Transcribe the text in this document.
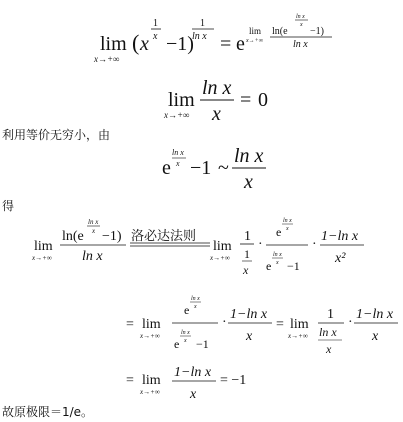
lim
x→+∞
( x
1
x −1)
1
ln x = e
lim
x→+∞
ln(e
ln x
x
−1)
ln x
lim
x→+∞
ln x
x
= 0
利用等价无穷小，由
e
ln x
x −1 ~
ln x
x
得
lim
x→+∞
ln(e
ln x
x −1)
ln x
洛必达法则
lim
x→+∞
1
1
x
·
e
ln x
x
e
ln x
x −1
·
1−ln x
x²
= lim
x→+∞
e
ln x
x
e
ln x
x −1
·
1−ln x
x
= lim
x→+∞
1
ln x
x
·
1−ln x
x
= lim
x→+∞
1−ln x
x
= −1
故原极限＝1/e。
